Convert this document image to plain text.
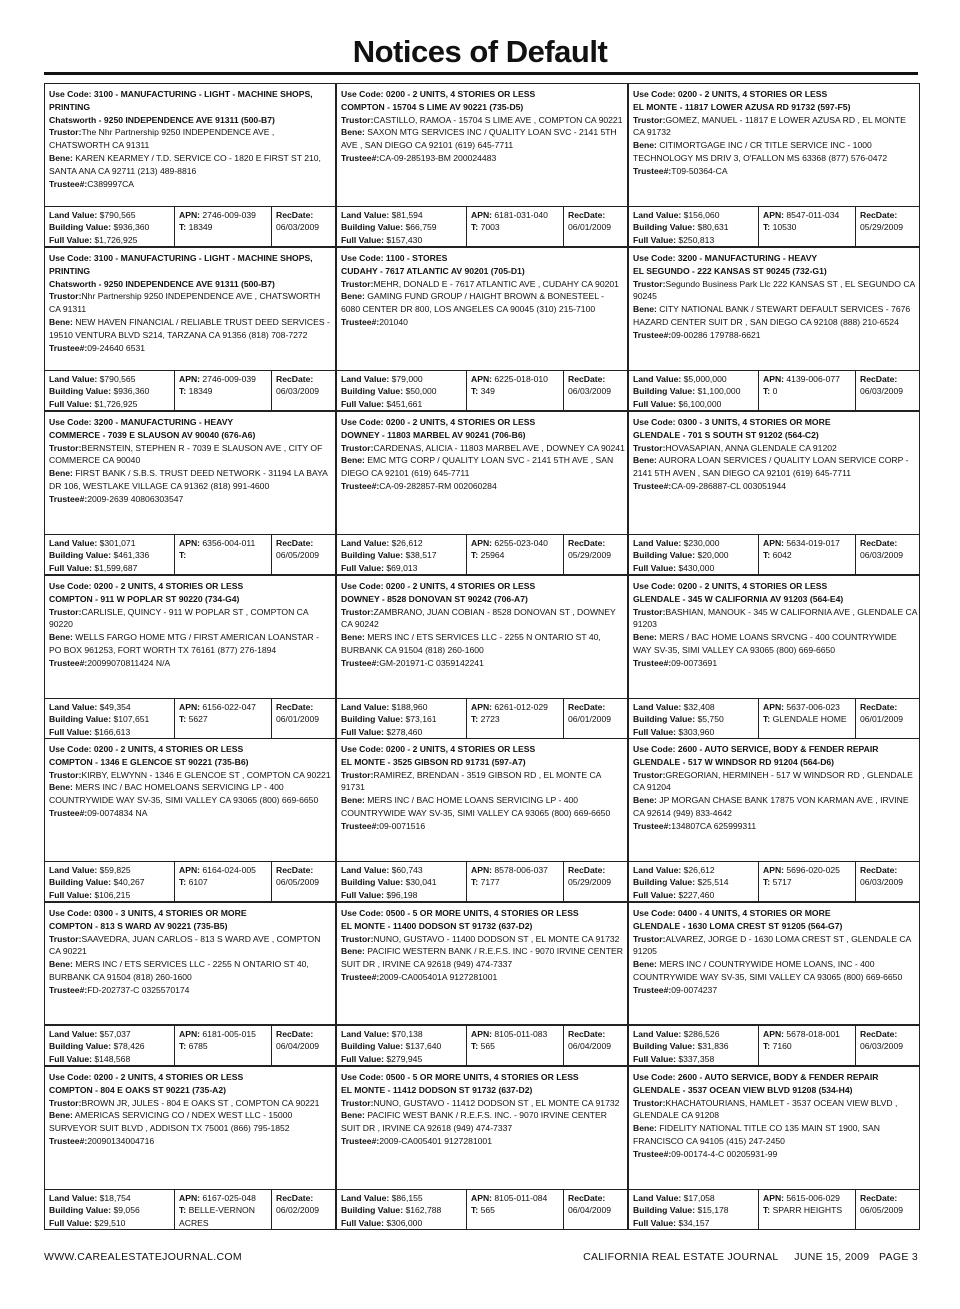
Notices of Default
Use Code: 3100 - MANUFACTURING - LIGHT - MACHINE SHOPS, PRINTING
Chatsworth - 9250 INDEPENDENCE AVE 91311 (500-B7)
Trustor:The Nhr Partnership 9250 INDEPENDENCE AVE , CHATSWORTH CA 91311
Bene: KAREN KEARMEY / T.D. SERVICE CO - 1820 E FIRST ST 210, SANTA ANA CA 92711 (213) 489-8816
Trustee#:C389997CA
Land Value: $790,565
Building Value: $936,360
Full Value: $1,726,925
APN: 2746-009-039
T: 18349
RecDate:
06/03/2009
Use Code: 0200 - 2 UNITS, 4 STORIES OR LESS
COMPTON - 15704 S LIME AV 90221 (735-D5)
Trustor:CASTILLO, RAMOA - 15704 S LIME AVE , COMPTON CA 90221
Bene: SAXON MTG SERVICES INC / QUALITY LOAN SVC - 2141 5TH AVE , SAN DIEGO CA 92101 (619) 645-7711
Trustee#:CA-09-285193-BM 200024483
Land Value: $81,594
Building Value: $66,759
Full Value: $157,430
APN: 6181-031-040
T: 7003
RecDate:
06/01/2009
Use Code: 0200 - 2 UNITS, 4 STORIES OR LESS
EL MONTE - 11817 LOWER AZUSA RD 91732 (597-F5)
Trustor:GOMEZ, MANUEL - 11817 E LOWER AZUSA RD , EL MONTE CA 91732
Bene: CITIMORTGAGE INC / CR TITLE SERVICE INC - 1000 TECHNOLOGY MS DRIV 3, O'FALLON MS 63368 (877) 576-0472
Trustee#:T09-50364-CA
Land Value: $156,060
Building Value: $80,631
Full Value: $250,813
APN: 8547-011-034
T: 10530
RecDate:
05/29/2009
Use Code: 3100 - MANUFACTURING - LIGHT - MACHINE SHOPS, PRINTING
Chatsworth - 9250 INDEPENDENCE AVE 91311 (500-B7)
Trustor:Nhr Partnership 9250 INDEPENDENCE AVE , CHATSWORTH CA 91311
Bene: NEW HAVEN FINANCIAL / RELIABLE TRUST DEED SERVICES - 19510 VENTURA BLVD S214, TARZANA CA 91356 (818) 708-7272
Trustee#:09-24640 6531
Land Value: $790,565
Building Value: $936,360
Full Value: $1,726,925
APN: 2746-009-039
T: 18349
RecDate:
06/03/2009
Use Code: 1100 - STORES
CUDAHY - 7617 ATLANTIC AV 90201 (705-D1)
Trustor:MEHR, DONALD E - 7617 ATLANTIC AVE , CUDAHY CA 90201
Bene: GAMING FUND GROUP / HAIGHT BROWN & BONESTEEL - 6080 CENTER DR 800, LOS ANGELES CA 90045 (310) 215-7100
Trustee#:201040
Land Value: $79,000
Building Value: $50,000
Full Value: $451,661
APN: 6225-018-010
T: 349
RecDate:
06/03/2009
Use Code: 3200 - MANUFACTURING - HEAVY
EL SEGUNDO - 222 KANSAS ST 90245 (732-G1)
Trustor:Segundo Business Park Llc 222 KANSAS ST , EL SEGUNDO CA 90245
Bene: CITY NATIONAL BANK / STEWART DEFAULT SERVICES - 7676 HAZARD CENTER SUIT DR , SAN DIEGO CA 92108 (888) 210-6524
Trustee#:09-00286 179788-6621
Land Value: $5,000,000
Building Value: $1,100,000
Full Value: $6,100,000
APN: 4139-006-077
T: 0
RecDate:
06/03/2009
Use Code: 3200 - MANUFACTURING - HEAVY
COMMERCE - 7039 E SLAUSON AV 90040 (676-A6)
Trustor:BERNSTEIN, STEPHEN R - 7039 E SLAUSON AVE , CITY OF COMMERCE CA 90040
Bene: FIRST BANK / S.B.S. TRUST DEED NETWORK - 31194 LA BAYA DR 106, WESTLAKE VILLAGE CA 91362 (818) 991-4600
Trustee#:2009-2639 40806303547
Land Value: $301,071
Building Value: $461,336
Full Value: $1,599,687
APN: 6356-004-011
T:
RecDate:
06/05/2009
Use Code: 0200 - 2 UNITS, 4 STORIES OR LESS
DOWNEY - 11803 MARBEL AV 90241 (706-B6)
Trustor:CARDENAS, ALICIA - 11803 MARBEL AVE , DOWNEY CA 90241
Bene: EMC MTG CORP / QUALITY LOAN SVC - 2141 5TH AVE , SAN DIEGO CA 92101 (619) 645-7711
Trustee#:CA-09-282857-RM 002060284
Land Value: $26,612
Building Value: $38,517
Full Value: $69,013
APN: 6255-023-040
T: 25964
RecDate:
05/29/2009
Use Code: 0300 - 3 UNITS, 4 STORIES OR MORE
GLENDALE - 701 S SOUTH ST 91202 (564-C2)
Trustor:HOVASAPIAN, ANNA GLENDALE CA 91202
Bene: AURORA LOAN SERVICES / QUALITY LOAN SERVICE CORP - 2141 5TH AVEN , SAN DIEGO CA 92101 (619) 645-7711
Trustee#:CA-09-286887-CL 003051944
Land Value: $230,000
Building Value: $20,000
Full Value: $430,000
APN: 5634-019-017
T: 6042
RecDate:
06/03/2009
Use Code: 0200 - 2 UNITS, 4 STORIES OR LESS
COMPTON - 911 W POPLAR ST 90220 (734-G4)
Trustor:CARLISLE, QUINCY - 911 W POPLAR ST , COMPTON CA 90220
Bene: WELLS FARGO HOME MTG / FIRST AMERICAN LOANSTAR - PO BOX 961253, FORT WORTH TX 76161 (877) 276-1894
Trustee#:20099070811424 N/A
Land Value: $49,354
Building Value: $107,651
Full Value: $166,613
APN: 6156-022-047
T: 5627
RecDate:
06/01/2009
Use Code: 0200 - 2 UNITS, 4 STORIES OR LESS
DOWNEY - 8528 DONOVAN ST 90242 (706-A7)
Trustor:ZAMBRANO, JUAN COBIAN - 8528 DONOVAN ST , DOWNEY CA 90242
Bene: MERS INC / ETS SERVICES LLC - 2255 N ONTARIO ST 40, BURBANK CA 91504 (818) 260-1600
Trustee#:GM-201971-C 0359142241
Land Value: $188,960
Building Value: $73,161
Full Value: $278,460
APN: 6261-012-029
T: 2723
RecDate:
06/01/2009
Use Code: 0200 - 2 UNITS, 4 STORIES OR LESS
GLENDALE - 345 W CALIFORNIA AV 91203 (564-E4)
Trustor:BASHIAN, MANOUK - 345 W CALIFORNIA AVE , GLENDALE CA 91203
Bene: MERS / BAC HOME LOANS SRVCNG - 400 COUNTRYWIDE WAY SV-35, SIMI VALLEY CA 93065 (800) 669-6650
Trustee#:09-0073691
Land Value: $32,408
Building Value: $5,750
Full Value: $303,960
APN: 5637-006-023
T: GLENDALE HOME
RecDate:
06/01/2009
Use Code: 0200 - 2 UNITS, 4 STORIES OR LESS
COMPTON - 1346 E GLENCOE ST 90221 (735-B6)
Trustor:KIRBY, ELWYNN - 1346 E GLENCOE ST , COMPTON CA 90221
Bene: MERS INC / BAC HOMELOANS SERVICING LP - 400 COUNTRYWIDE WAY SV-35, SIMI VALLEY CA 93065 (800) 669-6650
Trustee#:09-0074834 NA
Land Value: $59,825
Building Value: $40,267
Full Value: $106,215
APN: 6164-024-005
T: 6107
RecDate:
06/05/2009
Use Code: 0200 - 2 UNITS, 4 STORIES OR LESS
EL MONTE - 3525 GIBSON RD 91731 (597-A7)
Trustor:RAMIREZ, BRENDAN - 3519 GIBSON RD , EL MONTE CA 91731
Bene: MERS INC / BAC HOME LOANS SERVICING LP - 400 COUNTRYWIDE WAY SV-35, SIMI VALLEY CA 93065 (800) 669-6650
Trustee#:09-0071516
Land Value: $60,743
Building Value: $30,041
Full Value: $96,198
APN: 8578-006-037
T: 7177
RecDate:
05/29/2009
Use Code: 2600 - AUTO SERVICE, BODY & FENDER REPAIR
GLENDALE - 517 W WINDSOR RD 91204 (564-D6)
Trustor:GREGORIAN, HERMINEH - 517 W WINDSOR RD , GLENDALE CA 91204
Bene: JP MORGAN CHASE BANK 17875 VON KARMAN AVE , IRVINE CA 92614 (949) 833-4642
Trustee#:134807CA 625999311
Land Value: $26,612
Building Value: $25,514
Full Value: $227,460
APN: 5696-020-025
T: 5717
RecDate:
06/03/2009
Use Code: 0300 - 3 UNITS, 4 STORIES OR MORE
COMPTON - 813 S WARD AV 90221 (735-B5)
Trustor:SAAVEDRA, JUAN CARLOS - 813 S WARD AVE , COMPTON CA 90221
Bene: MERS INC / ETS SERVICES LLC - 2255 N ONTARIO ST 40, BURBANK CA 91504 (818) 260-1600
Trustee#:FD-202737-C 0325570174
Land Value: $57,037
Building Value: $78,426
Full Value: $148,568
APN: 6181-005-015
T: 6785
RecDate:
06/04/2009
Use Code: 0500 - 5 OR MORE UNITS, 4 STORIES OR LESS
EL MONTE - 11400 DODSON ST 91732 (637-D2)
Trustor:NUNO, GUSTAVO - 11400 DODSON ST , EL MONTE CA 91732
Bene: PACIFIC WESTERN BANK / R.E.F.S. INC - 9070 IRVINE CENTER SUIT DR , IRVINE CA 92618 (949) 474-7337
Trustee#:2009-CA005401A 9127281001
Land Value: $70,138
Building Value: $137,640
Full Value: $279,945
APN: 8105-011-083
T: 565
RecDate:
06/04/2009
Use Code: 0400 - 4 UNITS, 4 STORIES OR MORE
GLENDALE - 1630 LOMA CREST ST 91205 (564-G7)
Trustor:ALVAREZ, JORGE D - 1630 LOMA CREST ST , GLENDALE CA 91205
Bene: MERS INC / COUNTRYWIDE HOME LOANS, INC - 400 COUNTRYWIDE WAY SV-35, SIMI VALLEY CA 93065 (800) 669-6650
Trustee#:09-0074237
Land Value: $286,526
Building Value: $31,836
Full Value: $337,358
APN: 5678-018-001
T: 7160
RecDate:
06/03/2009
Use Code: 0200 - 2 UNITS, 4 STORIES OR LESS
COMPTON - 804 E OAKS ST 90221 (735-A2)
Trustor:BROWN JR, JULES - 804 E OAKS ST , COMPTON CA 90221
Bene: AMERICAS SERVICING CO / NDEX WEST LLC - 15000 SURVEYOR SUIT BLVD , ADDISON TX 75001 (866) 795-1852
Trustee#:20090134004716
Land Value: $18,754
Building Value: $9,056
Full Value: $29,510
APN: 6167-025-048
T: BELLE-VERNON ACRES
RecDate:
06/02/2009
Use Code: 0500 - 5 OR MORE UNITS, 4 STORIES OR LESS
EL MONTE - 11412 DODSON ST 91732 (637-D2)
Trustor:NUNO, GUSTAVO - 11412 DODSON ST , EL MONTE CA 91732
Bene: PACIFIC WEST BANK / R.E.F.S. INC. - 9070 IRVINE CENTER SUIT DR , IRVINE CA 92618 (949) 474-7337
Trustee#:2009-CA005401 9127281001
Land Value: $86,155
Building Value: $162,788
Full Value: $306,000
APN: 8105-011-084
T: 565
RecDate:
06/04/2009
Use Code: 2600 - AUTO SERVICE, BODY & FENDER REPAIR
GLENDALE - 3537 OCEAN VIEW BLVD 91208 (534-H4)
Trustor:KHACHATOURIANS, HAMLET - 3537 OCEAN VIEW BLVD , GLENDALE CA 91208
Bene: FIDELITY NATIONAL TITLE CO 135 MAIN ST 1900, SAN FRANCISCO CA 94105 (415) 247-2450
Trustee#:09-00174-4-C 00205931-99
Land Value: $17,058
Building Value: $15,178
Full Value: $34,157
APN: 5615-006-029
T: SPARR HEIGHTS
RecDate:
06/05/2009
WWW.CAREALESTATEJOURNAL.COM	CALIFORNIA REAL ESTATE JOURNAL     JUNE 15, 2009   PAGE 3
